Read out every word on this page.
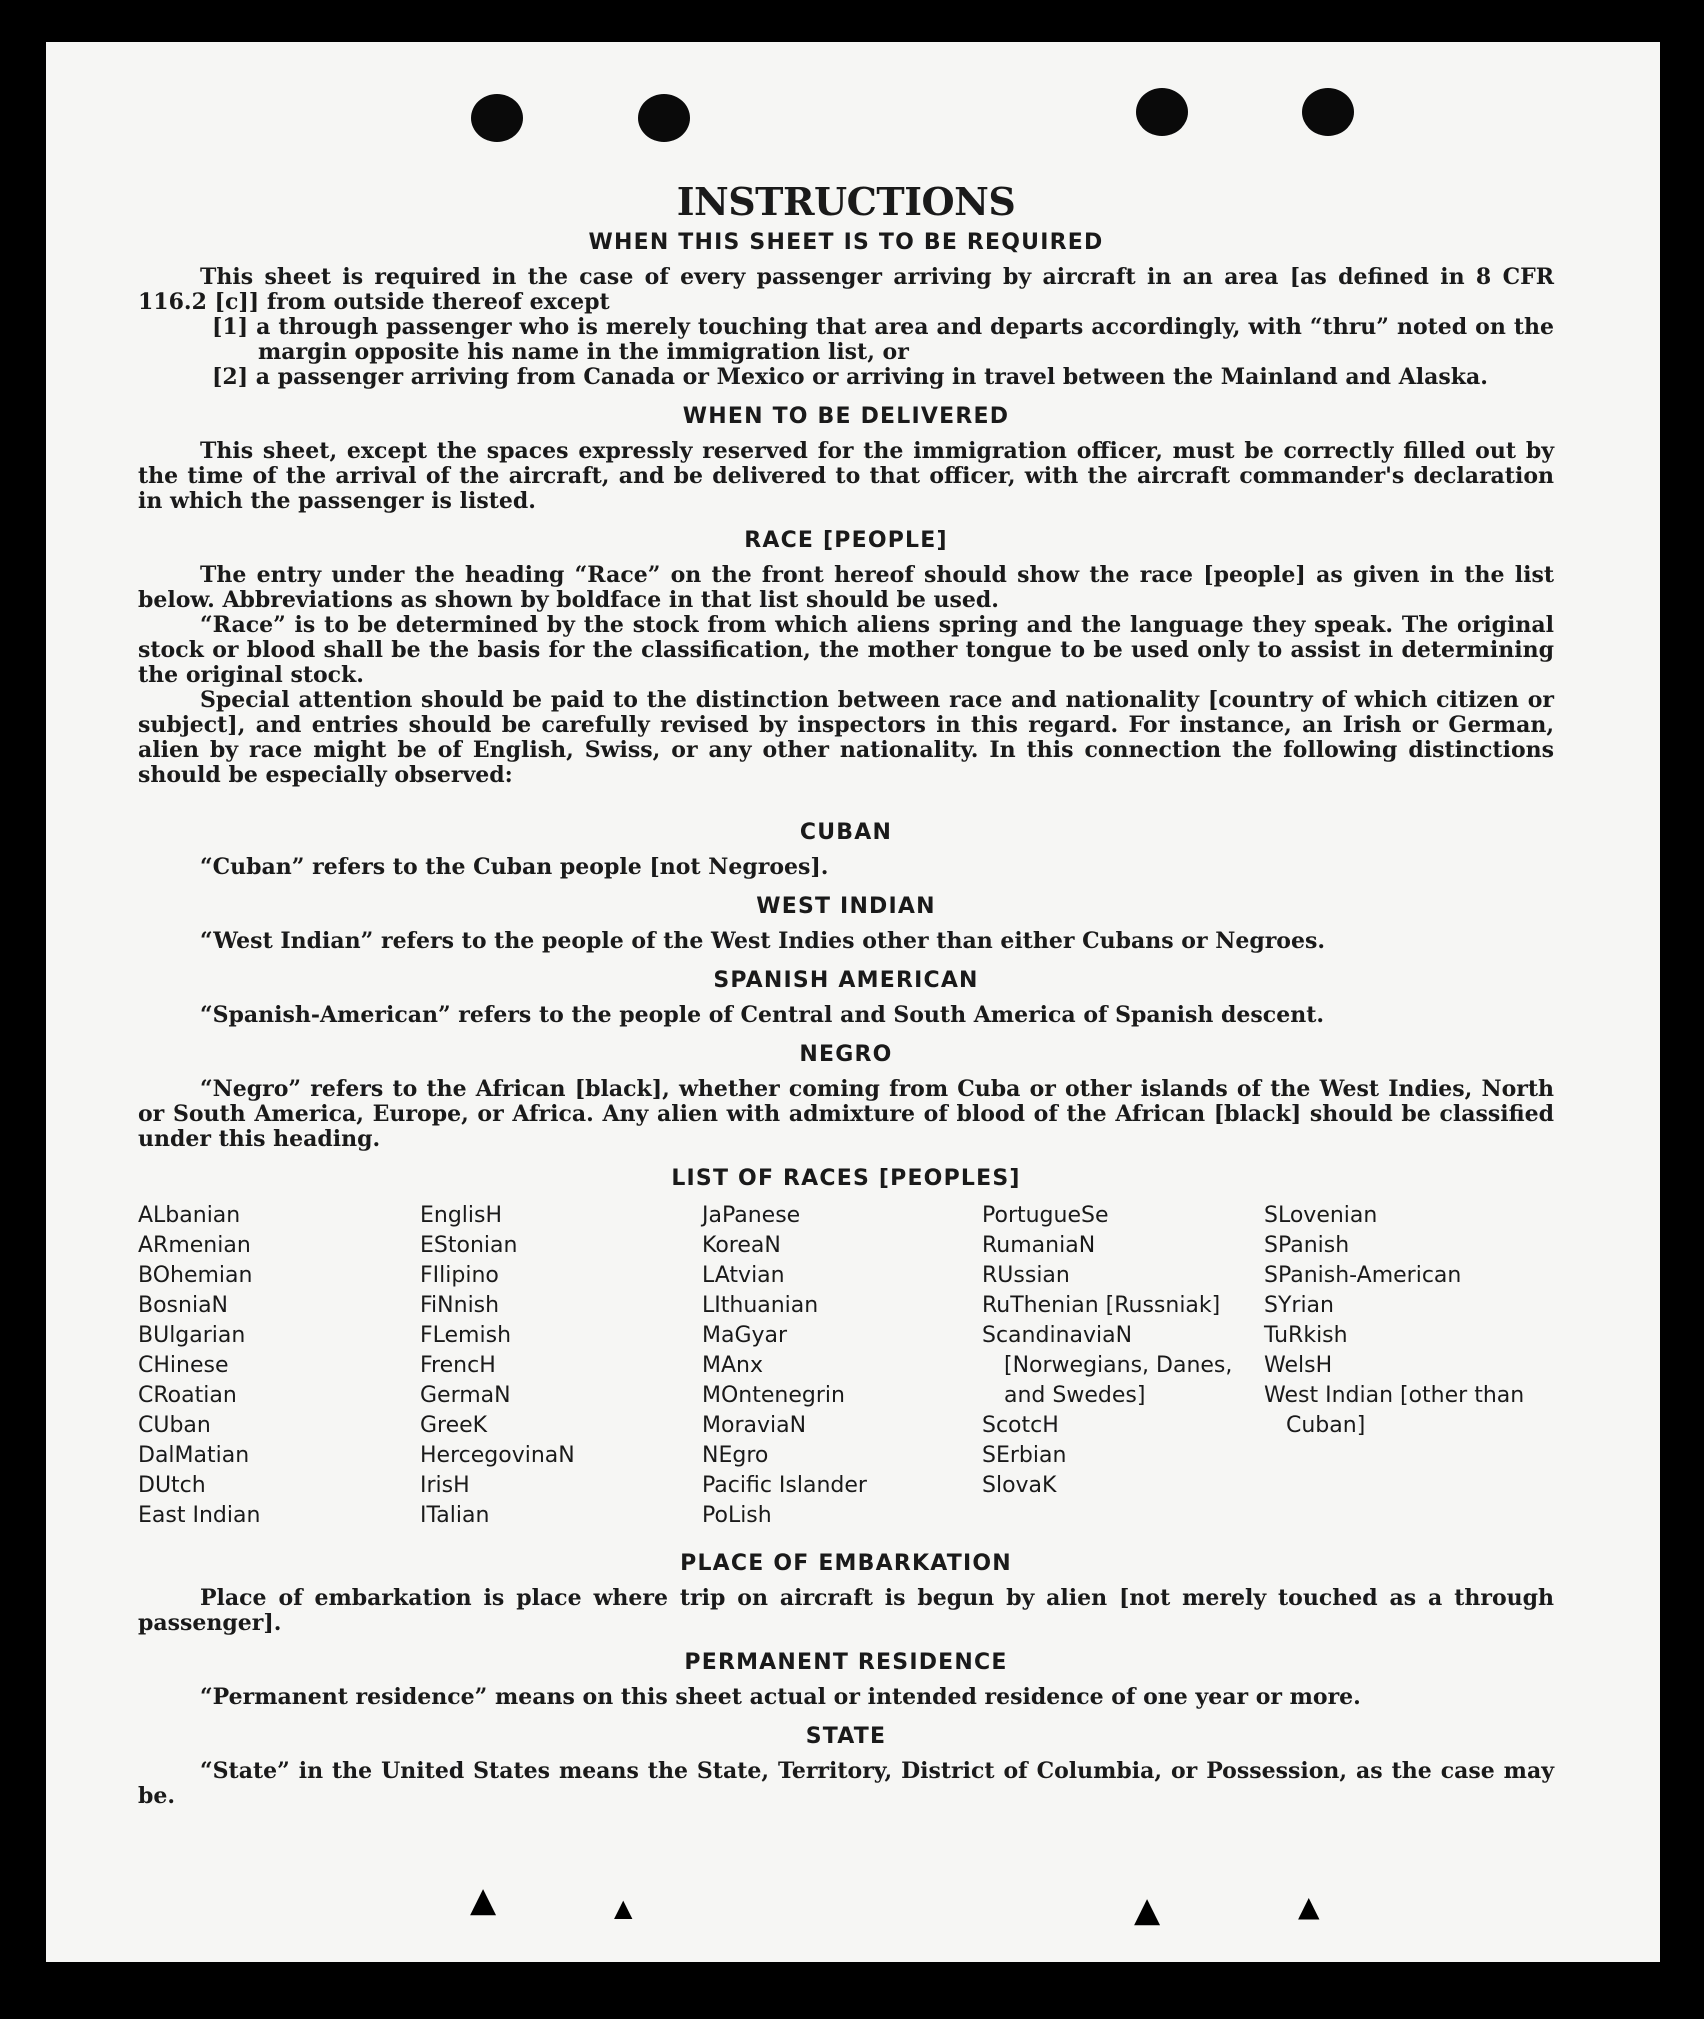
▲	▲	▲	▲
INSTRUCTIONS
WHEN THIS SHEET IS TO BE REQUIRED

This sheet is required in the case of every passenger arriving by aircraft in an area [as defined in 8 CFR 116.2 [c]] from outside thereof except

[1] a through passenger who is merely touching that area and departs accordingly, with “thru” noted on the margin opposite his name in the immigration list, or

[2] a passenger arriving from Canada or Mexico or arriving in travel between the Mainland and Alaska.

WHEN TO BE DELIVERED

This sheet, except the spaces expressly reserved for the immigration officer, must be correctly filled out by the time of the arrival of the aircraft, and be delivered to that officer, with the aircraft commander's declaration in which the passenger is listed.

RACE [PEOPLE]

The entry under the heading “Race” on the front hereof should show the race [people] as given in the list below. Abbreviations as shown by boldface in that list should be used.

“Race” is to be determined by the stock from which aliens spring and the language they speak. The original stock or blood shall be the basis for the classification, the mother tongue to be used only to assist in determining the original stock.

Special attention should be paid to the distinction between race and nationality [country of which citizen or subject], and entries should be carefully revised by inspectors in this regard. For instance, an Irish or German, alien by race might be of English, Swiss, or any other nationality. In this connection the following distinctions should be especially observed:

CUBAN

“Cuban” refers to the Cuban people [not Negroes].

WEST INDIAN

“West Indian” refers to the people of the West Indies other than either Cubans or Negroes.

SPANISH AMERICAN

“Spanish-American” refers to the people of Central and South America of Spanish descent.

NEGRO

“Negro” refers to the African [black], whether coming from Cuba or other islands of the West Indies, North or South America, Europe, or Africa. Any alien with admixture of blood of the African [black] should be classified under this heading.

LIST OF RACES [PEOPLES]
ALbanian
ARmenian
BOhemian
BosniaN
BUlgarian
CHinese
CRoatian
CUban
DalMatian
DUtch
East Indian
EnglisH
EStonian
FIlipino
FiNnish
FLemish
FrencH
GermaN
GreeK
HercegovinaN
IrisH
ITalian
JaPanese
KoreaN
LAtvian
LIthuanian
MaGyar
MAnx
MOntenegrin
MoraviaN
NEgro
Pacific Islander
PoLish
PortugueSe
RumaniaN
RUssian
RuThenian [Russniak]
ScandinaviaN [Norwegians, Danes, and Swedes]
ScotcH
SErbian
SlovaK
SLovenian
SPanish
SPanish-American
SYrian
TuRkish
WelsH
West Indian [other than Cuban]
PLACE OF EMBARKATION

Place of embarkation is place where trip on aircraft is begun by alien [not merely touched as a through passenger].

PERMANENT RESIDENCE

“Permanent residence” means on this sheet actual or intended residence of one year or more.

STATE

“State” in the United States means the State, Territory, District of Columbia, or Possession, as the case may be.
